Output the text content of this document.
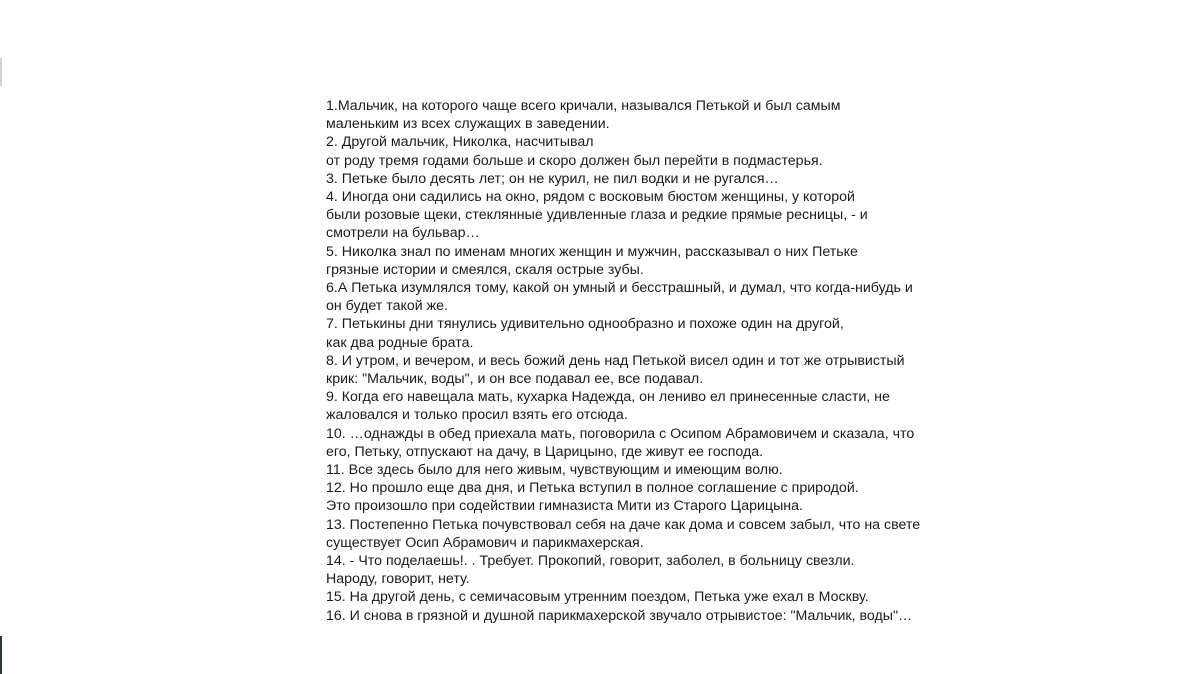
1.Мальчик, на которого чаще всего кричали, назывался Петькой и был самым
маленьким из всех служащих в заведении.
2. Другой мальчик, Николка, насчитывал
от роду тремя годами больше и скоро должен был перейти в подмастерья.
3. Петьке было десять лет; он не курил, не пил водки и не ругался…
4. Иногда они садились на окно, рядом с восковым бюстом женщины, у которой
были розовые щеки, стеклянные удивленные глаза и редкие прямые ресницы, - и
смотрели на бульвар…
5. Николка знал по именам многих женщин и мужчин, рассказывал о них Петьке
грязные истории и смеялся, скаля острые зубы.
6.А Петька изумлялся тому, какой он умный и бесстрашный, и думал, что когда-нибудь и
он будет такой же.
7. Петькины дни тянулись удивительно однообразно и похоже один на другой,
как два родные брата.
8. И утром, и вечером, и весь божий день над Петькой висел один и тот же отрывистый
крик: "Мальчик, воды", и он все подавал ее, все подавал.
9. Когда его навещала мать, кухарка Надежда, он лениво ел принесенные сласти, не
жаловался и только просил взять его отсюда.
10. …однажды в обед приехала мать, поговорила с Осипом Абрамовичем и сказала, что
его, Петьку, отпускают на дачу, в Царицыно, где живут ее господа.
11. Все здесь было для него живым, чувствующим и имеющим волю.
12. Но прошло еще два дня, и Петька вступил в полное соглашение с природой.
Это произошло при содействии гимназиста Мити из Старого Царицына.
13. Постепенно Петька почувствовал себя на даче как дома и совсем забыл, что на свете
существует Осип Абрамович и парикмахерская.
14. - Что поделаешь!. . Требует. Прокопий, говорит, заболел, в больницу свезли.
Народу, говорит, нету.
15. На другой день, с семичасовым утренним поездом, Петька уже ехал в Москву.
16. И снова в грязной и душной парикмахерской звучало отрывистое: "Мальчик, воды"…
